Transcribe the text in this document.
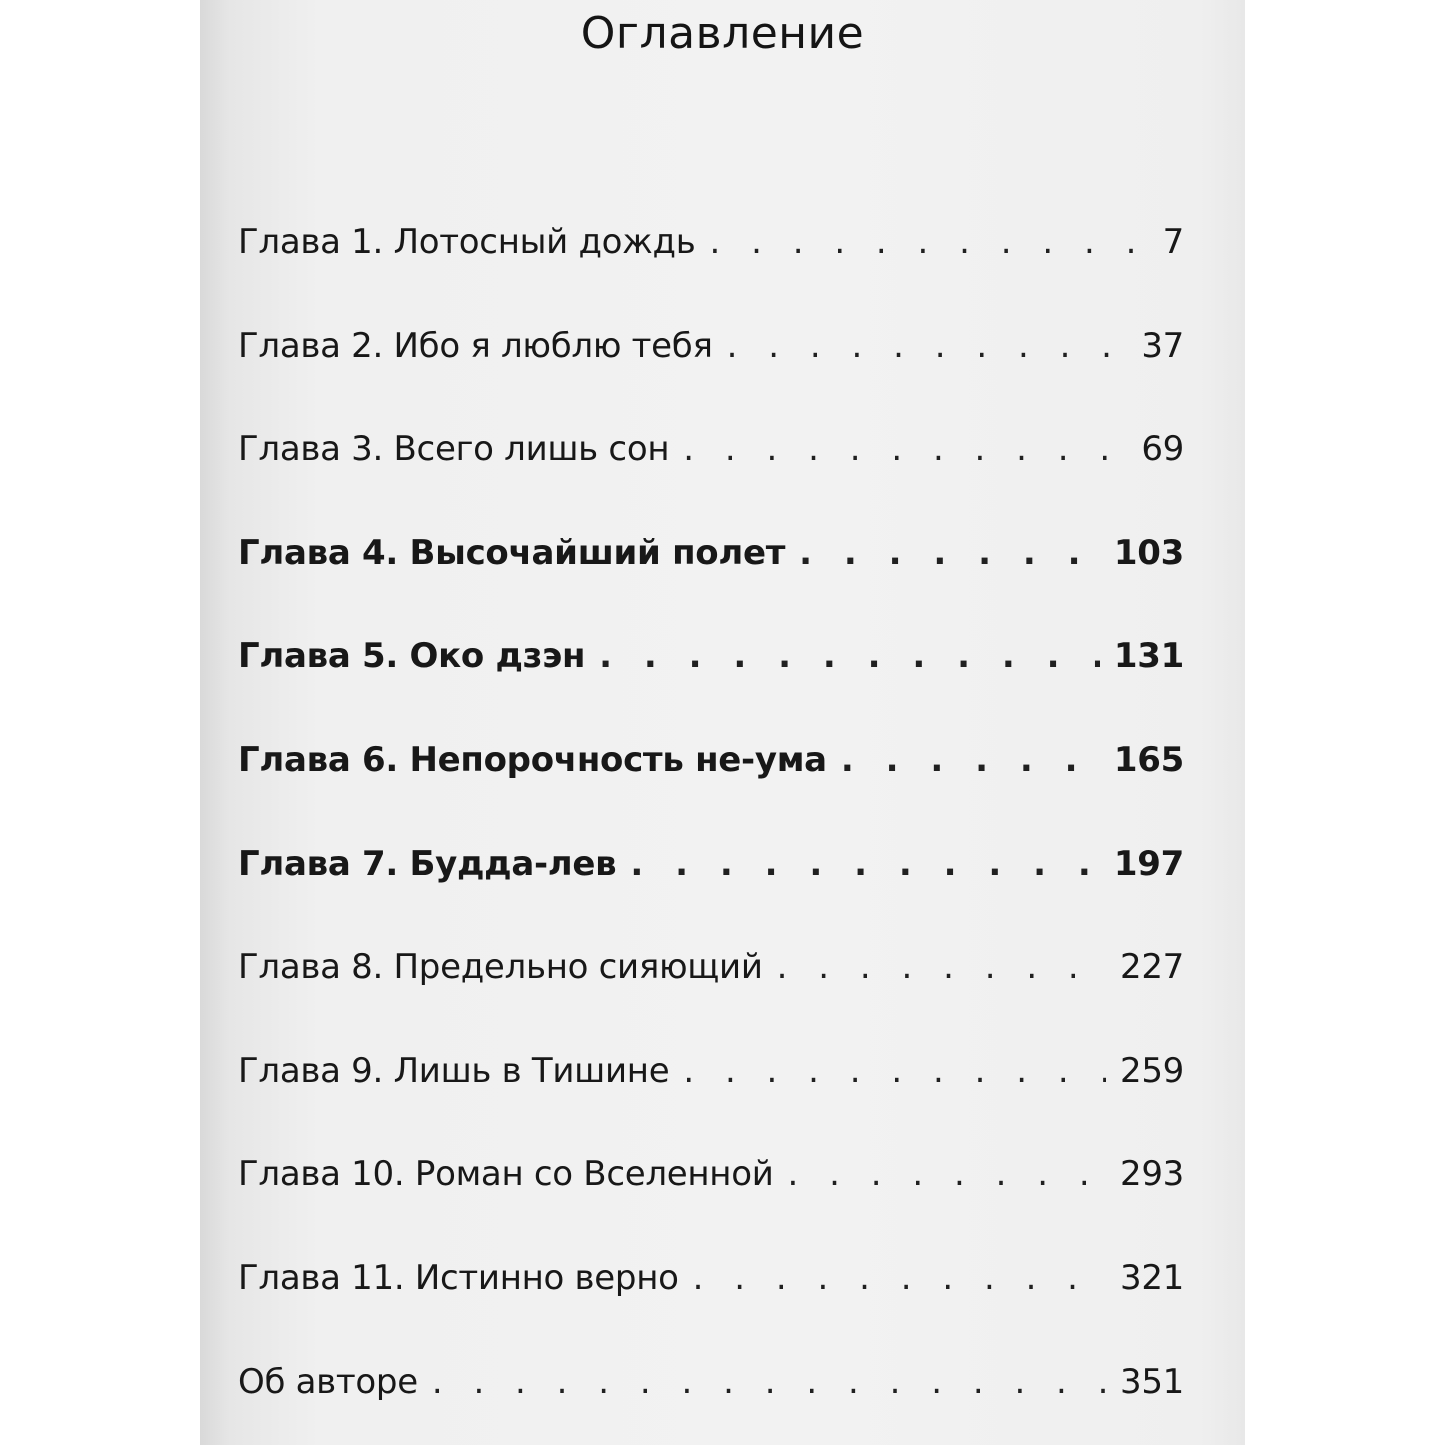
Оглавление
Глава 1. Лотосный дождь . . .	7
Глава 2. Ибо я люблю тебя . . .	37
Глава 3. Всего лишь сон . . .	69
Глава 4. Высочайший полет . . .	103
Глава 5. Око дзэн . . .	131
Глава 6. Непорочность не-ума . . .	165
Глава 7. Будда-лев . . .	197
Глава 8. Предельно сияющий . . .	227
Глава 9. Лишь в Тишине . . .	259
Глава 10. Роман со Вселенной . . .	293
Глава 11. Истинно верно . . .	321
Об авторе . . .	351
